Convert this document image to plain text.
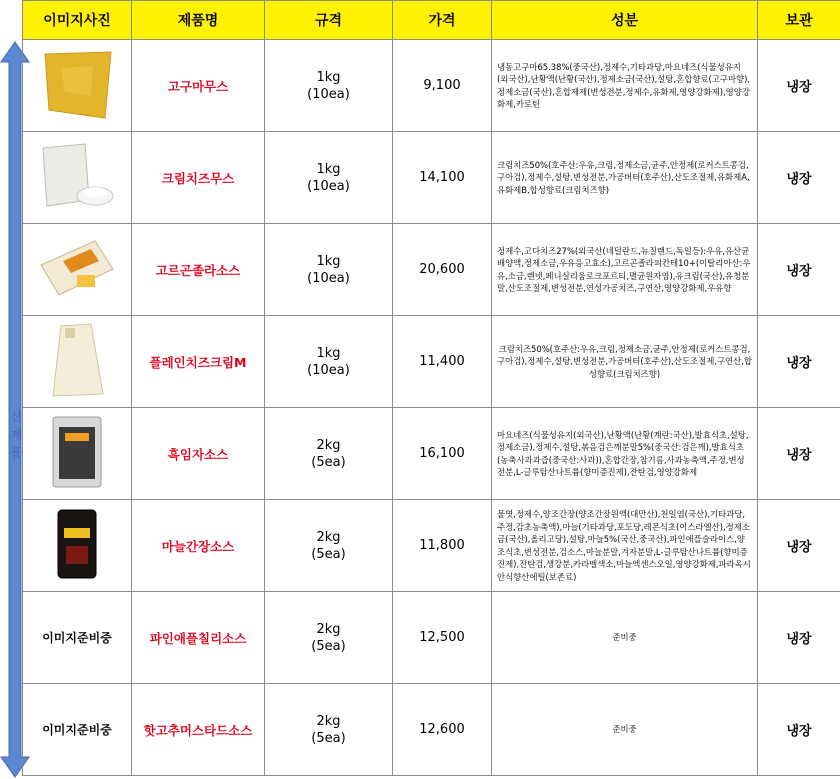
신
제
품
이미지사진	제품명	규격	가격	성분	보관
	고구마무스	1kg
(10ea)	9,100	냉동고구마65.38%(중국산),정제수,기타과당,마요네즈(식물성유지(외국산),난황액(난황(국산),정제소금(국산),설탕,혼합향료(고구마향),정제소금(국산),혼합제제(변성전분,정제수,유화제,영양강화제),영양강화제,카로틴	냉장
	크림치즈무스	1kg
(10ea)	14,100	크림치즈50%(호주산:우유,크림,정제소금,균주,안정제(로커스트콩검,구아검),정제수,설탕,변성전분,가공버터(호주산),산도조절제,유화제A,유화제B,합성향료(크림치즈향)	냉장
	고르곤졸라소스	1kg
(10ea)	20,600	정제수,고다치즈27%(외국산(네덜란드,뉴질랜드,독일등):우유,유산균배양액,정제소금,우유응고효소),고르곤졸라피칸테10+(이탈리아산:우유,소금,렌넷,페니실리움로크포르티,멸균원자염),유크림(국산),유청분말,산도조절제,변성전분,연성가공치즈,구연산,영양강화제,우유향	냉장
	플레인치즈크림M	1kg
(10ea)	11,400	크림치즈50%(호주산:우유,크림,정제소금,균주,안정제(로커스트콩검,구아검),정제수,설탕,변성전분,가공버터(호주산),산도조절제,구연산,합성향료(크림치즈향)	냉장
	흑임자소스	2kg
(5ea)	16,100	마요네즈(식물성유지(외국산),난황액(난황(계란:국산),발효식초,설탕,정제소금),정제수,설탕,볶음검은깨분말5%(중국산:검은깨),발효식초(농축사과과즙(중국산:사과)),혼합간장,참기름,사과농축액,주정,변성전분,L-글루탐산나트륨(향미증진제),잔탄검,영양강화제	냉장
	마늘간장소스	2kg
(5ea)	11,800	물엿,정제수,양조간장(양조간장원액(대만산),천일염(국산),기타과당,주정,감초농축액),마늘(기타과당,포도당,레몬식초(이스라엘산),정제소금(국산),올리고당),설탕,마늘5%(국산,중국산),파인애플슬라이스,양조식초,변성전분,검소스,마늘분말,겨자분말,L-글루탐산나트륨(향미증진제),잔탄검,생강분,카라멜색소,마늘엑센스오일,영양강화제,파라옥시안식향산에틸(보존료)	냉장
이미지준비중	파인애플칠리소스	2kg
(5ea)	12,500	준비중	냉장
이미지준비중	핫고추머스타드소스	2kg
(5ea)	12,600	준비중	냉장
